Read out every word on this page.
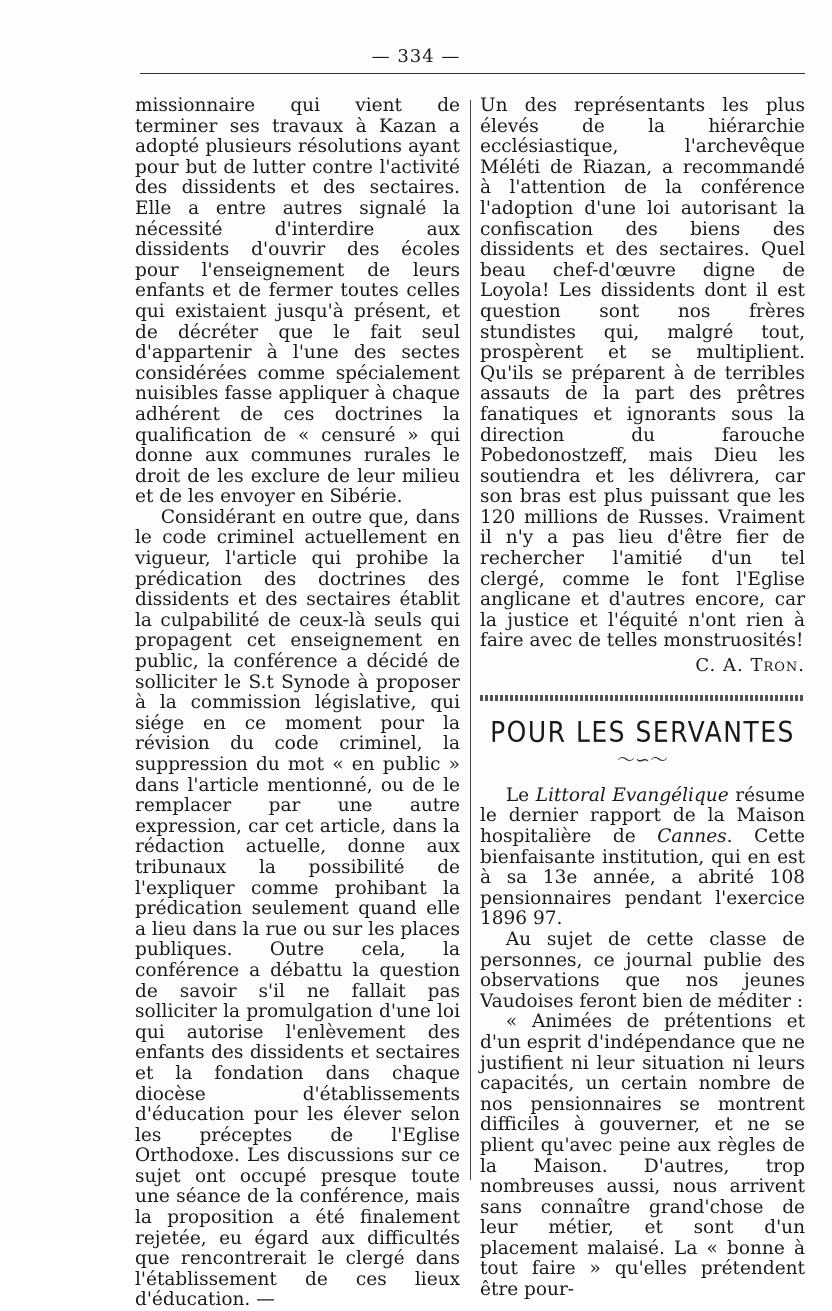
— 334 —

missionnaire qui vient de terminer ses travaux à Kazan a adopté plusieurs résolutions ayant pour but de lutter contre l'activité des dissidents et des sectaires. Elle a entre autres signalé la nécessité d'interdire aux dissidents d'ouvrir des écoles pour l'enseignement de leurs enfants et de fermer toutes celles qui existaient jusqu'à présent, et de décréter que le fait seul d'appartenir à l'une des sectes considérées comme spécialement nuisibles fasse appliquer à chaque adhérent de ces doctrines la qualification de « censuré » qui donne aux communes rurales le droit de les exclure de leur milieu et de les envoyer en Sibérie.

Considérant en outre que, dans le code criminel actuellement en vigueur, l'article qui prohibe la prédication des doctrines des dissidents et des sectaires établit la culpabilité de ceux-là seuls qui propagent cet enseignement en public, la conférence a décidé de solliciter le S.t Synode à proposer à la commission législative, qui siége en ce moment pour la révision du code criminel, la suppression du mot « en public » dans l'article mentionné, ou de le remplacer par une autre expression, car cet article, dans la rédaction actuelle, donne aux tribunaux la possibilité de l'expliquer comme prohibant la prédication seulement quand elle a lieu dans la rue ou sur les places publiques. Outre cela, la conférence a débattu la question de savoir s'il ne fallait pas solliciter la promulgation d'une loi qui autorise l'enlèvement des enfants des dissidents et sectaires et la fondation dans chaque diocèse d'établissements d'éducation pour les élever selon les préceptes de l'Eglise Orthodoxe. Les discussions sur ce sujet ont occupé presque toute une séance de la conférence, mais la proposition a été finalement rejetée, eu égard aux difficultés que rencontrerait le clergé dans l'établissement de ces lieux d'éducation. —

Un des représentants les plus élevés de la hiérarchie ecclésiastique, l'archevêque Méléti de Riazan, a recommandé à l'attention de la conférence l'adoption d'une loi autorisant la confiscation des biens des dissidents et des sectaires. Quel beau chef-d'œuvre digne de Loyola! Les dissidents dont il est question sont nos frères stundistes qui, malgré tout, prospèrent et se multiplient. Qu'ils se préparent à de terribles assauts de la part des prêtres fanatiques et ignorants sous la direction du farouche Pobedonostzeff, mais Dieu les soutiendra et les délivrera, car son bras est plus puissant que les 120 millions de Russes. Vraiment il n'y a pas lieu d'être fier de rechercher l'amitié d'un tel clergé, comme le font l'Eglise anglicane et d'autres encore, car la justice et l'équité n'ont rien à faire avec de telles monstruosités!

C. A. Tron.
POUR LES SERVANTES
〜∽〜

Le Littoral Evangélique résume le dernier rapport de la Maison hospitalière de Cannes. Cette bienfaisante institution, qui en est à sa 13e année, a abrité 108 pensionnaires pendant l'exercice 1896 97.

Au sujet de cette classe de personnes, ce journal publie des observations que nos jeunes Vaudoises feront bien de méditer :

« Animées de prétentions et d'un esprit d'indépendance que ne justifient ni leur situation ni leurs capacités, un certain nombre de nos pensionnaires se montrent difficiles à gouverner, et ne se plient qu'avec peine aux règles de la Maison. D'autres, trop nombreuses aussi, nous arrivent sans connaître grand'chose de leur métier, et sont d'un placement malaisé. La « bonne à tout faire » qu'elles prétendent être pour-
